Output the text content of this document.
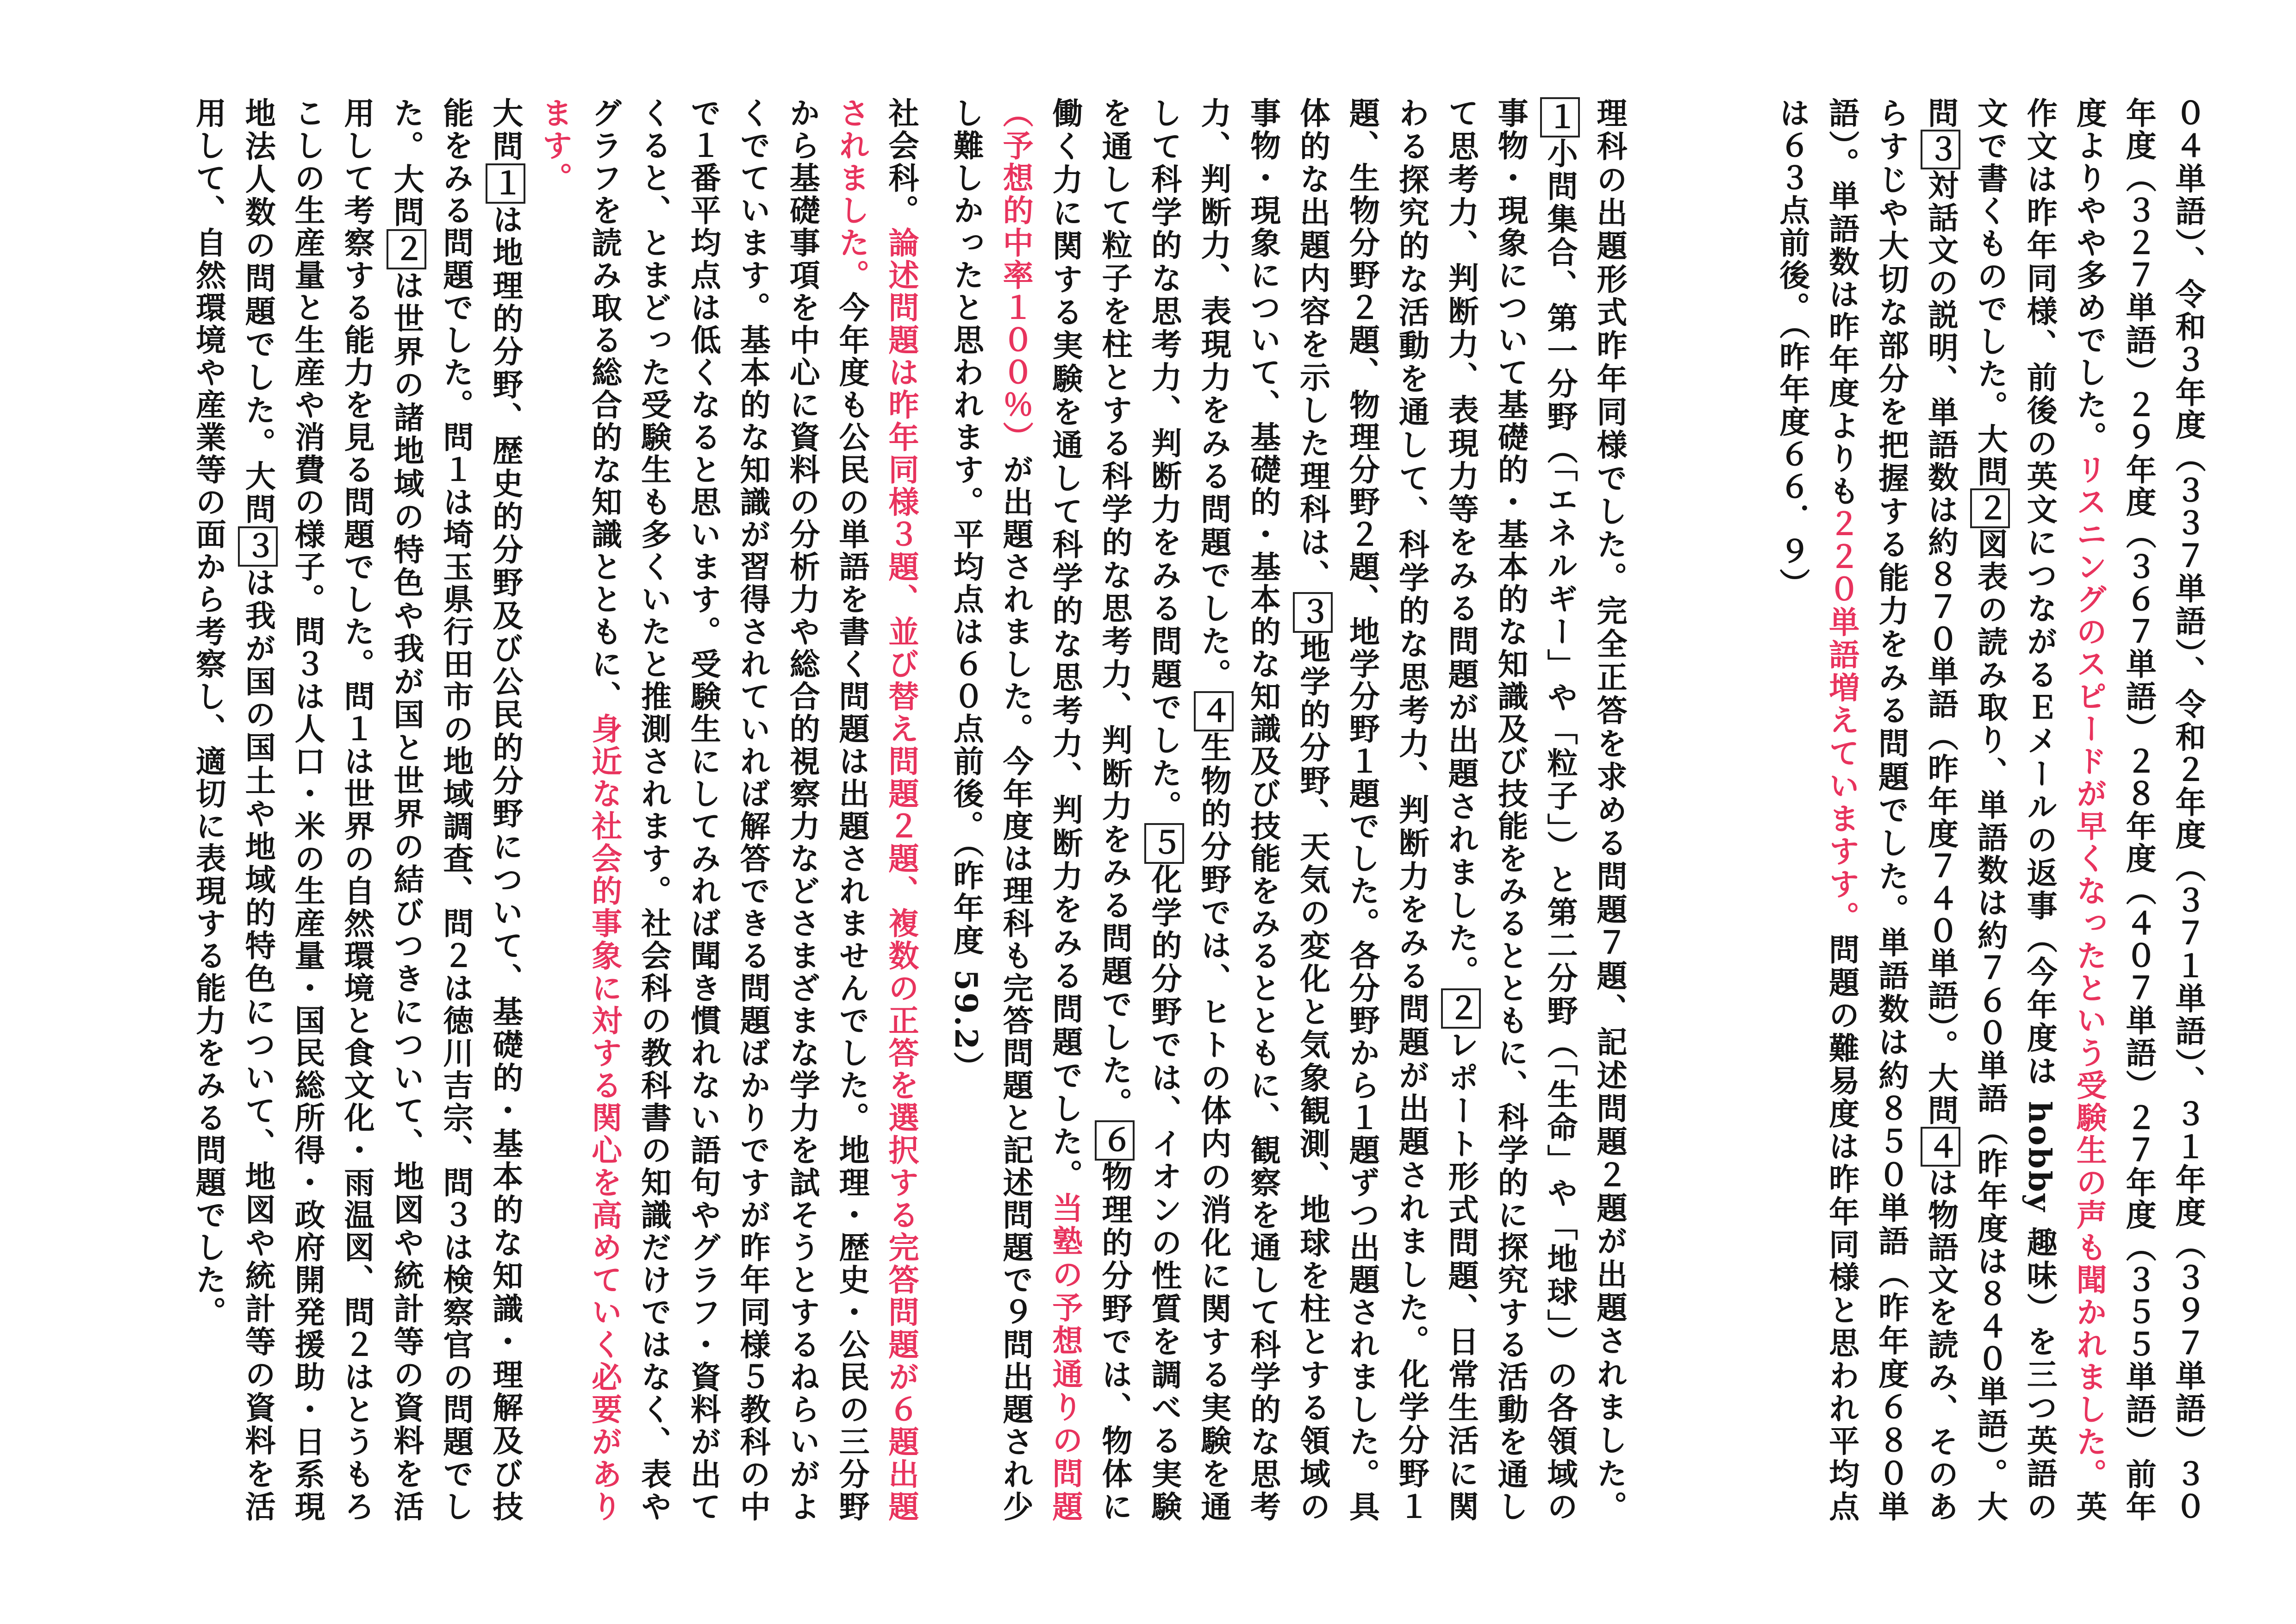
０４単語）、令和３年度（３３７単語）、令和２年度（３７１単語）、３１年度（３９７単語）３０年度（３２７単語）２９年度（３６７単語）２８年度（４０７単語）２７年度（３５５単語）前年度よりやや多めでした。リスニングのスピードが早くなったという受験生の声も聞かれました。英作文は昨年同様、前後の英文につながるＥメールの返事（今年度は hobby 趣味）を三つ英語の文で書くものでした。大問２図表の読み取り、単語数は約７６０単語（昨年度は８４０単語）。大問３対話文の説明、単語数は約８７０単語（昨年度７４０単語）。大問４は物語文を読み、そのあらすじや大切な部分を把握する能力をみる問題でした。単語数は約８５０単語（昨年度６８０単語）。単語数は昨年度よりも２２０単語増えていますす。問題の難易度は昨年同様と思われ平均点は６３点前後。（昨年度６６．９）

理科の出題形式昨年同様でした。完全正答を求める問題７題、記述問題２題が出題されました。１小問集合、第一分野（「エネルギー」や「粒子」）と第二分野（「生命」や「地球」）の各領域の事物・現象について基礎的・基本的な知識及び技能をみるとともに、科学的に探究する活動を通して思考力、判断力、表現力等をみる問題が出題されました。２レポート形式問題、日常生活に関わる探究的な活動を通して、科学的な思考力、判断力をみる問題が出題されました。化学分野１題、生物分野２題、物理分野２題、地学分野１題でした。各分野から１題ずつ出題されました。具体的な出題内容を示した理科は、３地学的分野、天気の変化と気象観測、地球を柱とする領域の事物・現象について、基礎的・基本的な知識及び技能をみるとともに、観察を通して科学的な思考力、判断力、表現力をみる問題でした。４生物的分野では、ヒトの体内の消化に関する実験を通して科学的な思考力、判断力をみる問題でした。５化学的分野では、イオンの性質を調べる実験を通して粒子を柱とする科学的な思考力、判断力をみる問題でした。６物理的分野では、物体に働く力に関する実験を通して科学的な思考力、判断力をみる問題でした。当塾の予想通りの問題（予想的中率１００％）が出題されました。今年度は理科も完答問題と記述問題で９問出題され少し難しかったと思われます。平均点は６０点前後。（昨年度 59.2）

社会科。論述問題は昨年同様３題、並び替え問題２題、複数の正答を選択する完答問題が６題出題されました。今年度も公民の単語を書く問題は出題されませんでした。地理・歴史・公民の三分野から基礎事項を中心に資料の分析力や総合的視察力などさまざまな学力を試そうとするねらいがよくでています。基本的な知識が習得されていれば解答できる問題ばかりですが昨年同様５教科の中で１番平均点は低くなると思います。受験生にしてみれば聞き慣れない語句やグラフ・資料が出てくると、とまどった受験生も多くいたと推測されます。社会科の教科書の知識だけではなく、表やグラフを読み取る総合的な知識とともに、身近な社会的事象に対する関心を高めていく必要があります。

大問１は地理的分野、歴史的分野及び公民的分野について、基礎的・基本的な知識・理解及び技能をみる問題でした。問１は埼玉県行田市の地域調査、問２は徳川吉宗、問３は検察官の問題でした。大問２は世界の諸地域の特色や我が国と世界の結びつきについて、地図や統計等の資料を活用して考察する能力を見る問題でした。問１は世界の自然環境と食文化・雨温図、問２はとうもろこしの生産量と生産や消費の様子。問３は人口・米の生産量・国民総所得・政府開発援助・日系現地法人数の問題でした。大問３は我が国の国土や地域的特色について、地図や統計等の資料を活用して、自然環境や産業等の面から考察し、適切に表現する能力をみる問題でした。
